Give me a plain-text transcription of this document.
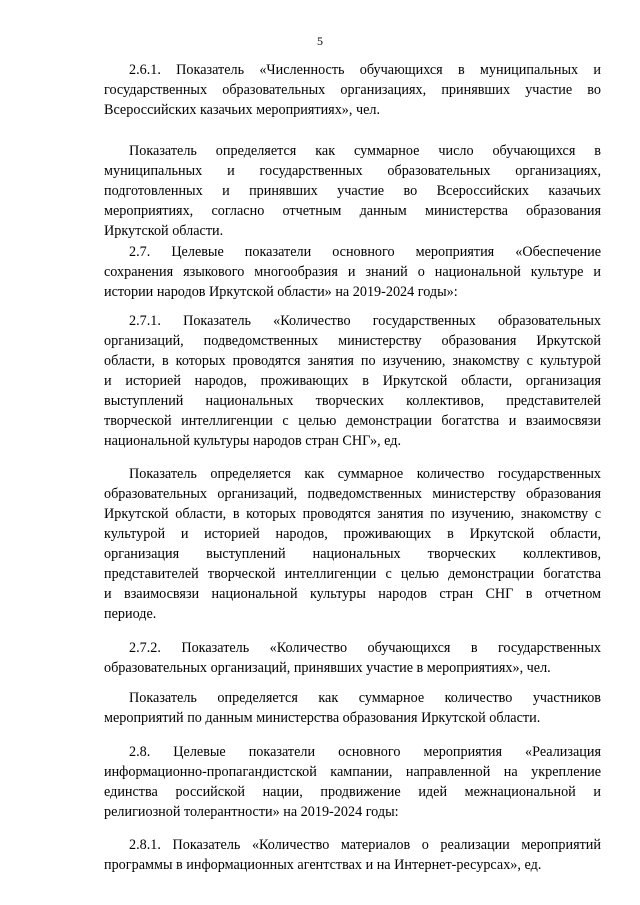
5
2.6.1. Показатель «Численность обучающихся в муниципальных и
государственных образовательных организациях, принявших участие во
Всероссийских казачьих мероприятиях», чел.
Показатель определяется как суммарное число обучающихся в
муниципальных и государственных образовательных организациях,
подготовленных и принявших участие во Всероссийских казачьих
мероприятиях, согласно отчетным данным министерства образования
Иркутской области.
2.7. Целевые показатели основного мероприятия «Обеспечение
сохранения языкового многообразия и знаний о национальной культуре и
истории народов Иркутской области» на 2019-2024 годы»:
2.7.1. Показатель «Количество государственных образовательных
организаций, подведомственных министерству образования Иркутской
области, в которых проводятся занятия по изучению, знакомству с культурой
и историей народов, проживающих в Иркутской области, организация
выступлений национальных творческих коллективов, представителей
творческой интеллигенции с целью демонстрации богатства и взаимосвязи
национальной культуры народов стран СНГ», ед.
Показатель определяется как суммарное количество государственных
образовательных организаций, подведомственных министерству образования
Иркутской области, в которых проводятся занятия по изучению, знакомству с
культурой и историей народов, проживающих в Иркутской области,
организация выступлений национальных творческих коллективов,
представителей творческой интеллигенции с целью демонстрации богатства
и взаимосвязи национальной культуры народов стран СНГ в отчетном
периоде.
2.7.2. Показатель «Количество обучающихся в государственных
образовательных организаций, принявших участие в мероприятиях», чел.
Показатель определяется как суммарное количество участников
мероприятий по данным министерства образования Иркутской области.
2.8. Целевые показатели основного мероприятия «Реализация
информационно-пропагандистской кампании, направленной на укрепление
единства российской нации, продвижение идей межнациональной и
религиозной толерантности» на 2019-2024 годы:
2.8.1. Показатель «Количество материалов о реализации мероприятий
программы в информационных агентствах и на Интернет-ресурсах», ед.
